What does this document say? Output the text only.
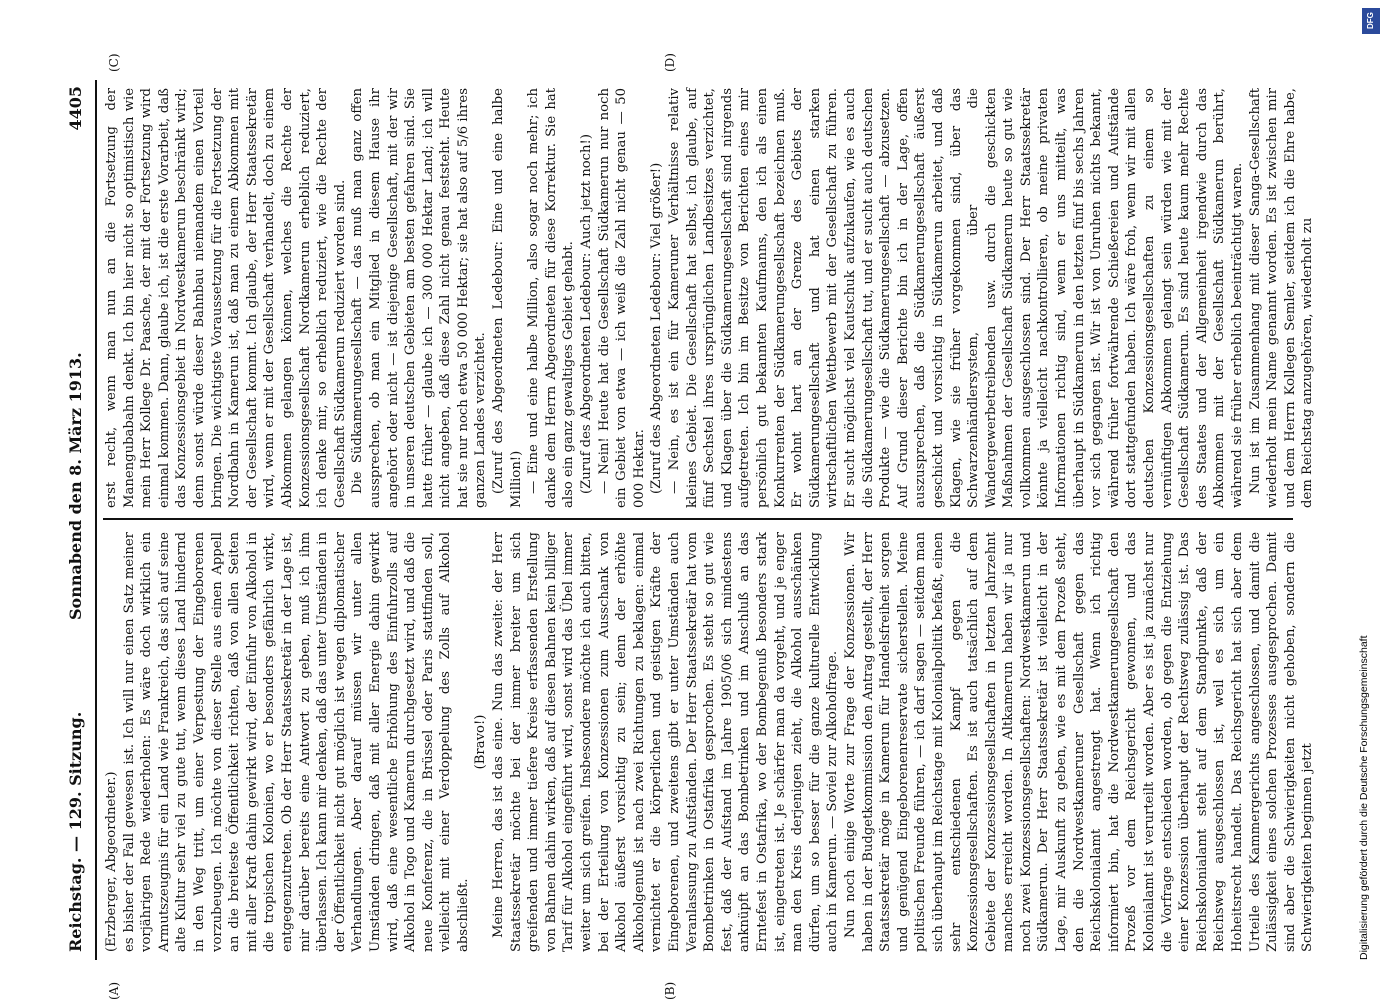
Reichstag. — 129. Sitzung.
Sonnabend den 8. März 1913.
4405
(A)	(B)
(C)	(D)

(Erzberger, Abgeordneter.) es bisher der Fall gewesen ist. Ich will nur einen Satz meiner vorjährigen Rede wiederholen: Es wäre doch wirklich ein Armutszeugnis für ein Land wie Frankreich, das sich auf seine alte Kultur sehr viel zu gute tut, wenn dieses Land hindernd in den Weg tritt, um einer Verpestung der Eingeborenen vorzubeugen. Ich möchte von dieser Stelle aus einen Appell an die breiteste Öffentlichkeit richten, daß von allen Seiten mit aller Kraft dahin gewirkt wird, der Einfuhr von Alkohol in die tropischen Kolonien, wo er besonders gefährlich wirkt, entgegenzutreten. Ob der Herr Staatssekretär in der Lage ist, mir darüber bereits eine Antwort zu geben, muß ich ihm überlassen. Ich kann mir denken, daß das unter Umständen in der Öffentlichkeit nicht gut möglich ist wegen diplomatischer Verhandlungen. Aber darauf müssen wir unter allen Umständen dringen, daß mit aller Energie dahin gewirkt wird, daß eine wesentliche Erhöhung des Einfuhrzolls auf Alkohol in Togo und Kamerun durchgesetzt wird, und daß die neue Konferenz, die in Brüssel oder Paris stattfinden soll, vielleicht mit einer Verdoppelung des Zolls auf Alkohol abschließt.

(Bravo!) Meine Herren, das ist das eine. Nun das zweite: der Herr Staatssekretär möchte bei der immer breiter um sich greifenden und immer tiefere Kreise erfassenden Erstellung von Bahnen dahin wirken, daß auf diesen Bahnen kein billiger Tarif für Alkohol eingeführt wird, sonst wird das Übel immer weiter um sich greifen. Insbesondere möchte ich auch bitten, bei der Erteilung von Konzessionen zum Ausschank von Alkohol äußerst vorsichtig zu sein; denn der erhöhte Alkoholgenuß ist nach zwei Richtungen zu beklagen: einmal vernichtet er die körperlichen und geistigen Kräfte der Eingeborenen, und zweitens gibt er unter Umständen auch Veranlassung zu Aufständen. Der Herr Staatssekretär hat vom Bombetrinken in Ostafrika gesprochen. Es steht so gut wie fest, daß der Aufstand im Jahre 1905/06 sich mindestens anknüpft an das Bombetrinken und im Anschluß an das Erntefest in Ostafrika, wo der Bombegenuß besonders stark ist, eingetreten ist. Je schärfer man da vorgeht, und je enger man den Kreis derjenigen zieht, die Alkohol ausschänken dürfen, um so besser für die ganze kulturelle Entwicklung auch in Kamerun. — Soviel zur Alkoholfrage. Nun noch einige Worte zur Frage der Konzessionen. Wir haben in der Budgetkommission den Antrag gestellt, der Herr Staatssekretär möge in Kamerun für Handelsfreiheit sorgen und genügend Eingeborenenreservate sicherstellen. Meine politischen Freunde führen, — ich darf sagen — seitdem man sich überhaupt im Reichstage mit Kolonialpolitik befaßt, einen sehr entschiedenen Kampf gegen die Konzessionsgesellschaften. Es ist auch tatsächlich auf dem Gebiete der Konzessionsgesellschaften in letzten Jahrzehnt manches erreicht worden. In Altkamerun haben wir ja nur noch zwei Konzessionsgesellschaften: Nordwestkamerun und Südkamerun. Der Herr Staatssekretär ist vielleicht in der Lage, mir Auskunft zu geben, wie es mit dem Prozeß steht, den die Nordwestkameruner Gesellschaft gegen das Reichskolonialamt angestrengt hat. Wenn ich richtig informiert bin, hat die Nordwestkamerungesellschaft den Prozeß vor dem Reichsgericht gewonnen, und das Kolonialamt ist verurteilt worden. Aber es ist ja zunächst nur die Vorfrage entschieden worden, ob gegen die Entziehung einer Konzession überhaupt der Rechtsweg zulässig ist. Das Reichskolonialamt steht auf dem Standpunkte, daß der Reichsweg ausgeschlossen ist, weil es sich um ein Hoheitsrecht handelt. Das Reichsgericht hat sich aber dem Urteile des Kammergerichts angeschlossen, und damit die Zulässigkeit eines solchen Prozesses ausgesprochen. Damit sind aber die Schwierigkeiten nicht gehoben, sondern die Schwierigkeiten beginnen jetzt

erst recht, wenn man nun an die Fortsetzung der Manengubabahn denkt. Ich bin hier nicht so optimistisch wie mein Herr Kollege Dr. Paasche, der mit der Fortsetzung wird einmal kommen. Dann, glaube ich, ist die erste Vorarbeit, daß das Konzessionsgebiet in Nordwestkamerun beschränkt wird; denn sonst würde dieser Bahnbau niemandem einen Vorteil bringen. Die wichtigste Voraussetzung für die Fortsetzung der Nordbahn in Kamerun ist, daß man zu einem Abkommen mit der Gesellschaft kommt. Ich glaube, der Herr Staatssekretär wird, wenn er mit der Gesellschaft verhandelt, doch zu einem Abkommen gelangen können, welches die Rechte der Konzessionsgesellschaft Nordkamerun erheblich reduziert, ich denke mir, so erheblich reduziert, wie die Rechte der Gesellschaft Südkamerun reduziert worden sind. Die Südkamerungesellschaft — das muß man ganz offen aussprechen, ob man ein Mitglied in diesem Hause ihr angehört oder nicht — ist diejenige Gesellschaft, mit der wir in unseren deutschen Gebieten am besten gefahren sind. Sie hatte früher — glaube ich — 300 000 Hektar Land; ich will nicht angeben, daß diese Zahl nicht genau feststeht. Heute hat sie nur noch etwa 50 000 Hektar; sie hat also auf 5/6 ihres ganzen Landes verzichtet. (Zuruf des Abgeordneten Ledebour: Eine und eine halbe Million!) — Eine und eine halbe Million, also sogar noch mehr; ich danke dem Herrn Abgeordneten für diese Korrektur. Sie hat also ein ganz gewaltiges Gebiet gehabt. (Zuruf des Abgeordneten Ledebour: Auch jetzt noch!) — Nein! Heute hat die Gesellschaft Südkamerun nur noch ein Gebiet von etwa — ich weiß die Zahl nicht genau — 50 000 Hektar. (Zuruf des Abgeordneten Ledebour: Viel größer!) — Nein, es ist ein für Kameruner Verhältnisse relativ kleines Gebiet. Die Gesellschaft hat selbst, ich glaube, auf fünf Sechstel ihres ursprünglichen Landbesitzes verzichtet, und Klagen über die Südkamerungesellschaft sind nirgends aufgetreten. Ich bin im Besitze von Berichten eines mir persönlich gut bekannten Kaufmanns, den ich als einen Konkurrenten der Südkamerungesellschaft bezeichnen muß. Er wohnt hart an der Grenze des Gebiets der Südkamerungesellschaft und hat einen starken wirtschaftlichen Wettbewerb mit der Gesellschaft zu führen. Er sucht möglichst viel Kautschuk aufzukaufen, wie es auch die Südkamerungesellschaft tut, und er sucht auch deutschen Produkte — wie die Südkamerungesellschaft — abzusetzen. Auf Grund dieser Berichte bin ich in der Lage, offen auszusprechen, daß die Südkamerungesellschaft äußerst geschickt und vorsichtig in Südkamerun arbeitet, und daß Klagen, wie sie früher vorgekommen sind, über das Schwarzenhändlersystem, über die Wandergewerbetreibenden usw. durch die geschickten Maßnahmen der Gesellschaft Südkamerun heute so gut wie vollkommen ausgeschlossen sind. Der Herr Staatssekretär könnte ja vielleicht nachkontrollieren, ob meine privaten Informationen richtig sind, wenn er uns mitteilt, was überhaupt in Südkamerun in den letzten fünf bis sechs Jahren vor sich gegangen ist. Wir ist von Unruhen nichts bekannt, während früher fortwährende Schießereien und Aufstände dort stattgefunden haben. Ich wäre froh, wenn wir mit allen deutschen Konzessionsgesellschaften zu einem so vernünftigen Abkommen gelangt sein würden wie mit der Gesellschaft Südkamerun. Es sind heute kaum mehr Rechte des Staates und der Allgemeinheit irgendwie durch das Abkommen mit der Gesellschaft Südkamerun berührt, während sie früher erheblich beeinträchtigt waren. Nun ist im Zusammenhang mit dieser Sanga-Gesellschaft wiederholt mein Name genannt worden. Es ist zwischen mir und dem Herrn Kollegen Semler, seitdem ich die Ehre habe, dem Reichstag anzugehören, wiederholt zu

DFG
Digitalisierung gefördert durch die Deutsche Forschungsgemeinschaft
